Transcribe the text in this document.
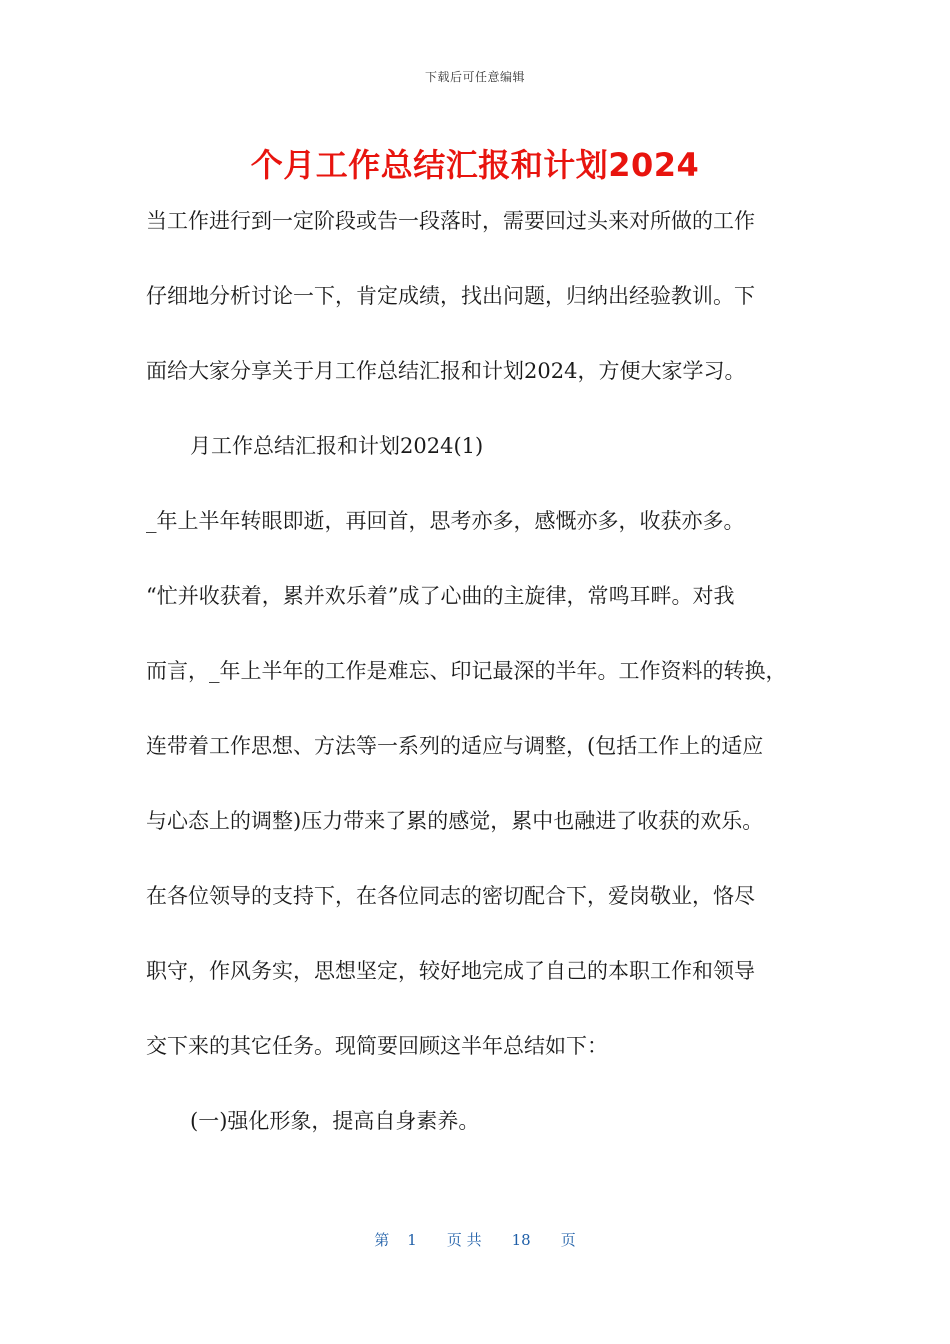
下载后可任意编辑
个月工作总结汇报和计划2024
当工作进行到一定阶段或告一段落时，需要回过头来对所做的工作
仔细地分析讨论一下，肯定成绩，找出问题，归纳出经验教训。下
面给大家分享关于月工作总结汇报和计划2024，方便大家学习。
月工作总结汇报和计划2024(1)
_年上半年转眼即逝，再回首，思考亦多，感慨亦多，收获亦多。
“忙并收获着，累并欢乐着”成了心曲的主旋律，常鸣耳畔。对我
而言，_年上半年的工作是难忘、印记最深的半年。工作资料的转换，
连带着工作思想、方法等一系列的适应与调整，(包括工作上的适应
与心态上的调整)压力带来了累的感觉，累中也融进了收获的欢乐。
在各位领导的支持下，在各位同志的密切配合下，爱岗敬业，恪尽
职守，作风务实，思想坚定，较好地完成了自己的本职工作和领导
交下来的其它任务。现简要回顾这半年总结如下：
(一)强化形象，提高自身素养。
第 1 页 共 18 页
